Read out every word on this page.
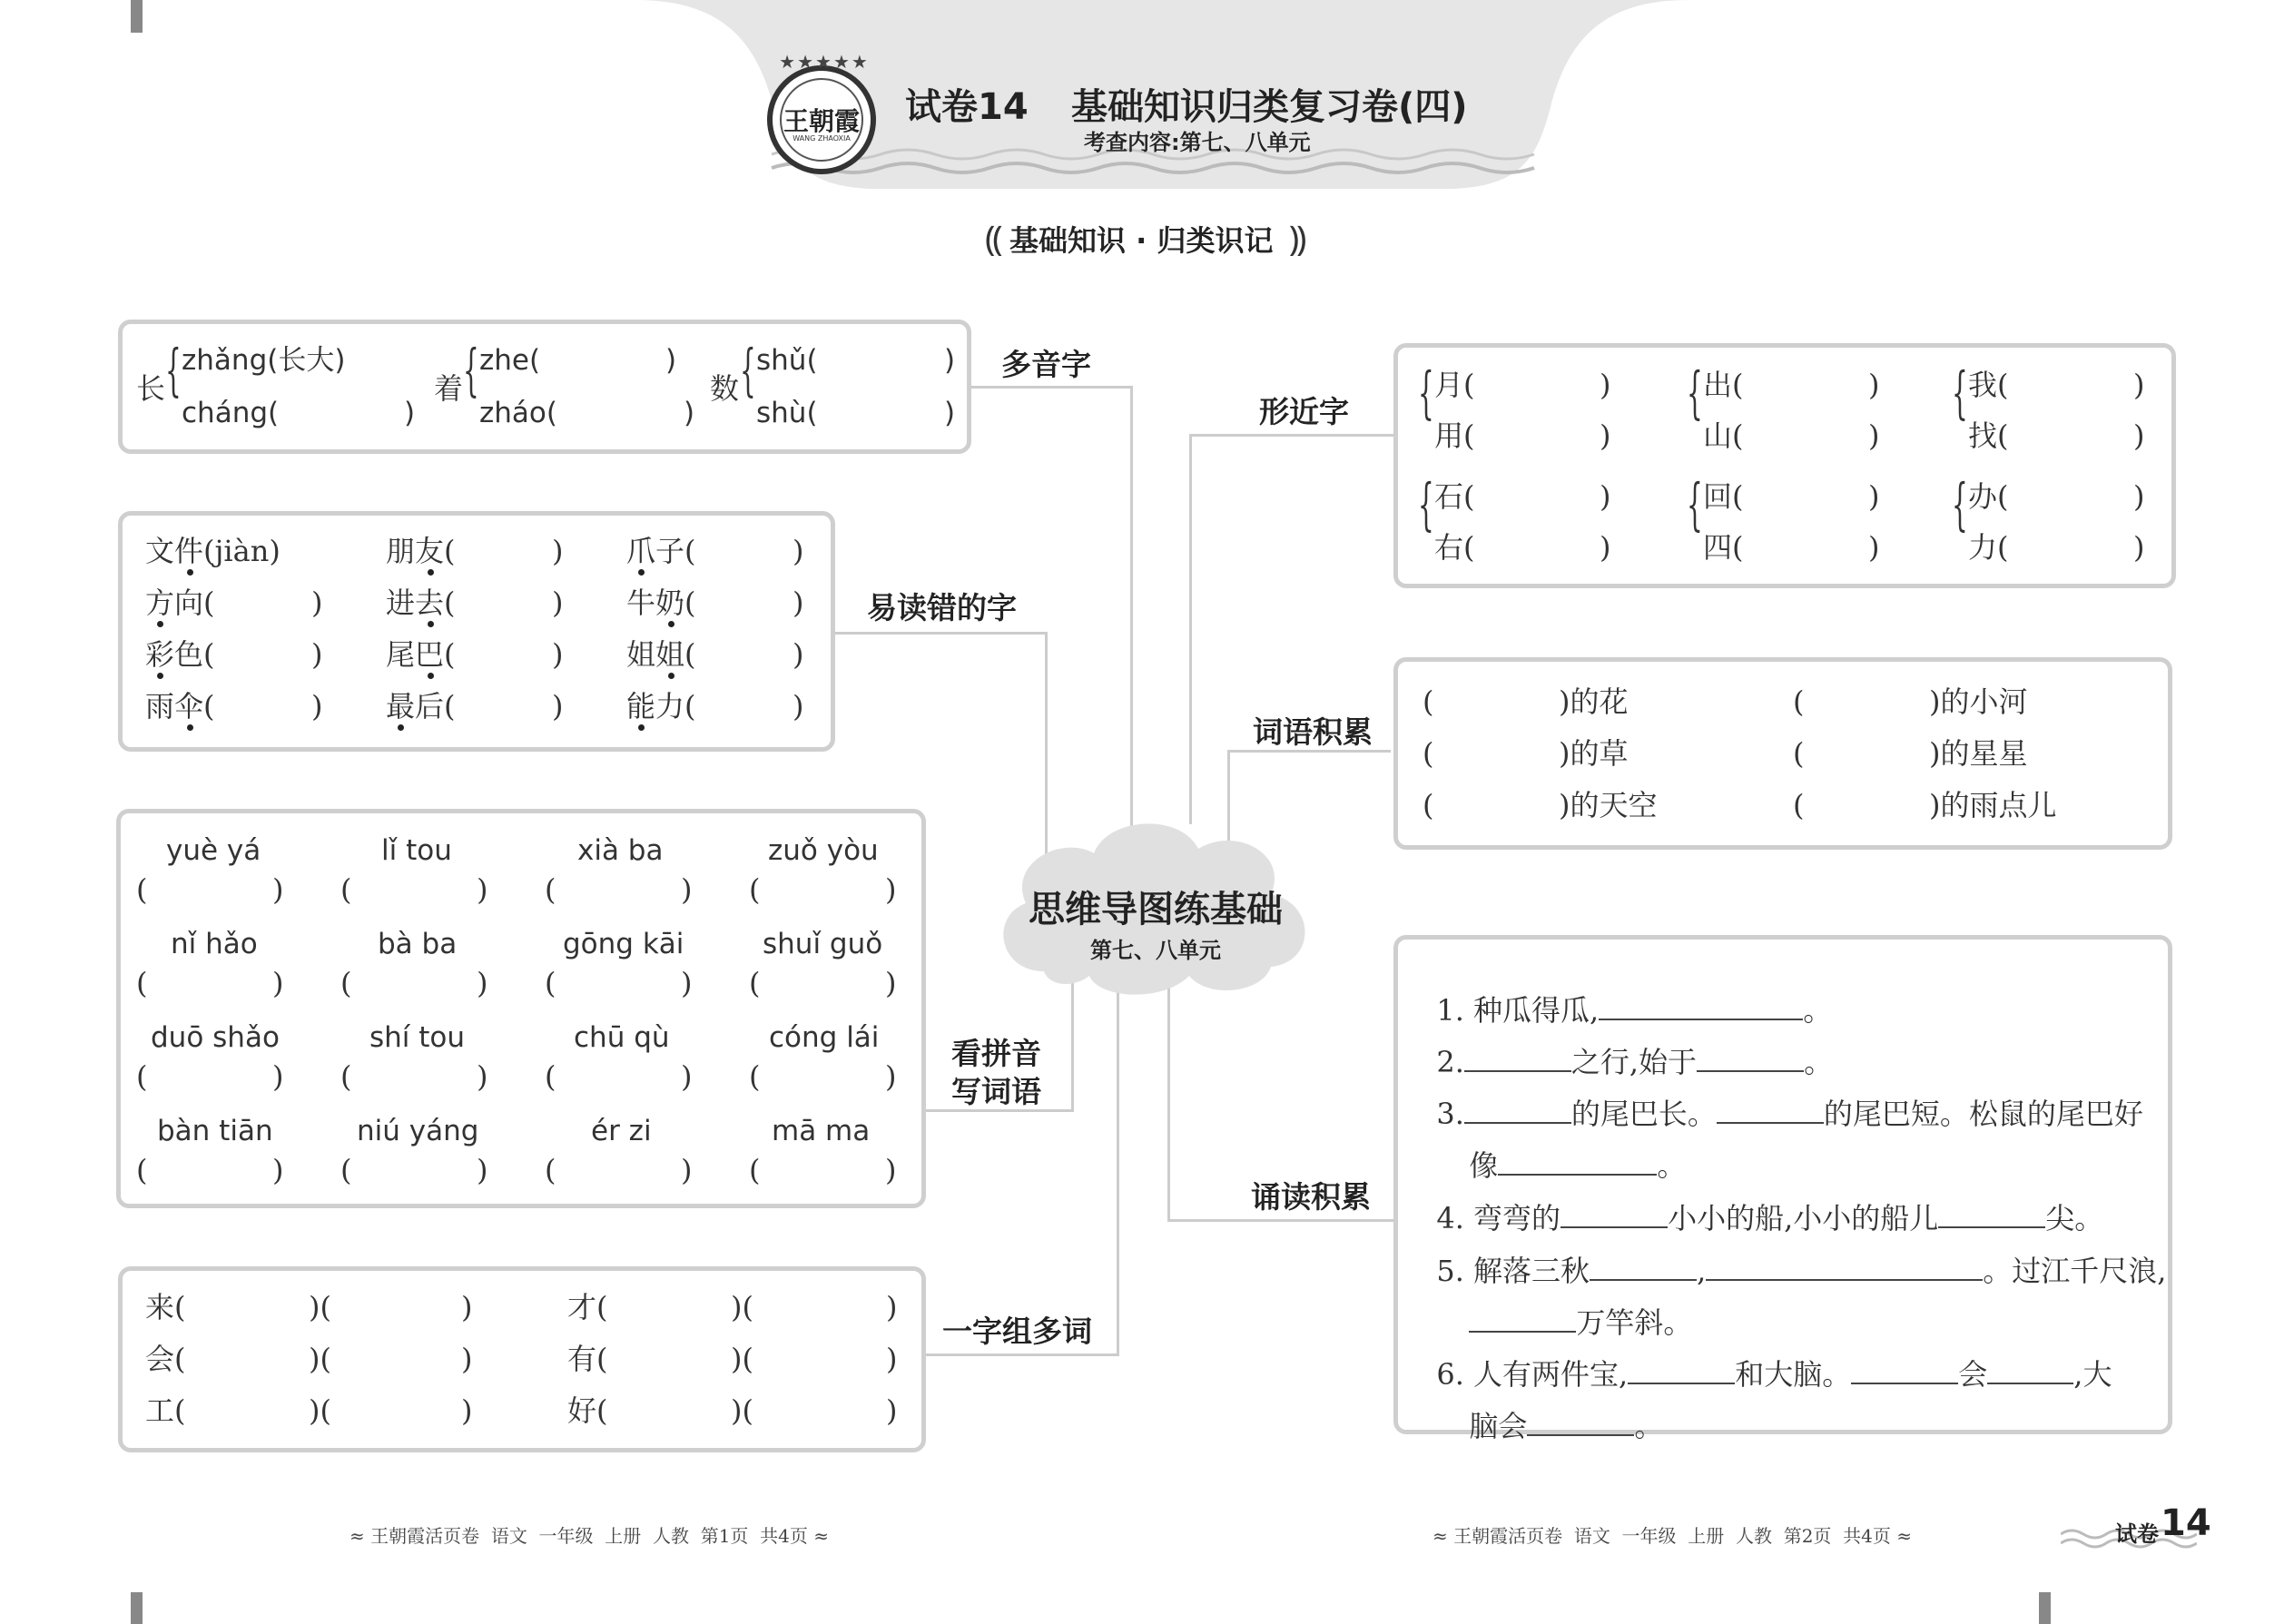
王朝霞
WANG ZHAOXIA
★★★★★
试卷14 基础知识归类复习卷(四)
考查内容:第七、八单元
⸨ 基础知识 · 归类识记 ⸩
思维导图练基础
第七、八单元
多音字
易读错的字
看拼音
写词语
一字组多词
形近字
词语积累
诵读积累
长 { zhǎng(长大)
cháng(	)
着 { zhe(	)
zháo(	)
数 { shǔ(	)
shù(	)
文件(jiàn)	朋友(	) 爪子(	)
方向(	) 进去(	) 牛奶(	)
彩色(	) 尾巴(	) 姐姐(	)
雨伞(	) 最后(	) 能力(	)
yuè yá	lǐ tou	xià ba	zuǒ yòu
(	) (	) (	) (	)
nǐ hǎo	bà ba	gōng kāi	shuǐ guǒ
(	) (	) (	) (	)
duō shǎo	shí tou	chū qù	cóng lái
(	) (	) (	) (	)
bàn tiān	niú yáng	ér zi	mā ma
(	) (	) (	) (	)
来(	)(	)	才(	)(	)
会(	)(	)	有(	)(	)
工(	)(	)	好(	)(	)
{ 月(	)
用(	)
{ 出(	)
山(	)
{ 我(	)
找(	)
{ 石(	)
右(	)
{ 回(	)
四(	)
{ 办(	)
力(	)
(	)的花	(	)的小河
(	)的草	(	)的星星
(	)的天空	(	)的雨点儿

1. 种瓜得瓜,	。

2.	之行,始于	。

3.	的尾巴长。	的尾巴短。松鼠的尾巴好

像	。

4. 弯弯的	小小的船,小小的船儿	尖。

5. 解落三秋	,	。过江千尺浪,

万竿斜。

6. 人有两件宝,	和大脑。	会	,大

脑会	。

≈ 王朝霞活页卷  语文  一年级  上册  人教  第1页  共4页 ≈	≈ 王朝霞活页卷  语文  一年级  上册  人教  第2页  共4页 ≈	试卷 14
